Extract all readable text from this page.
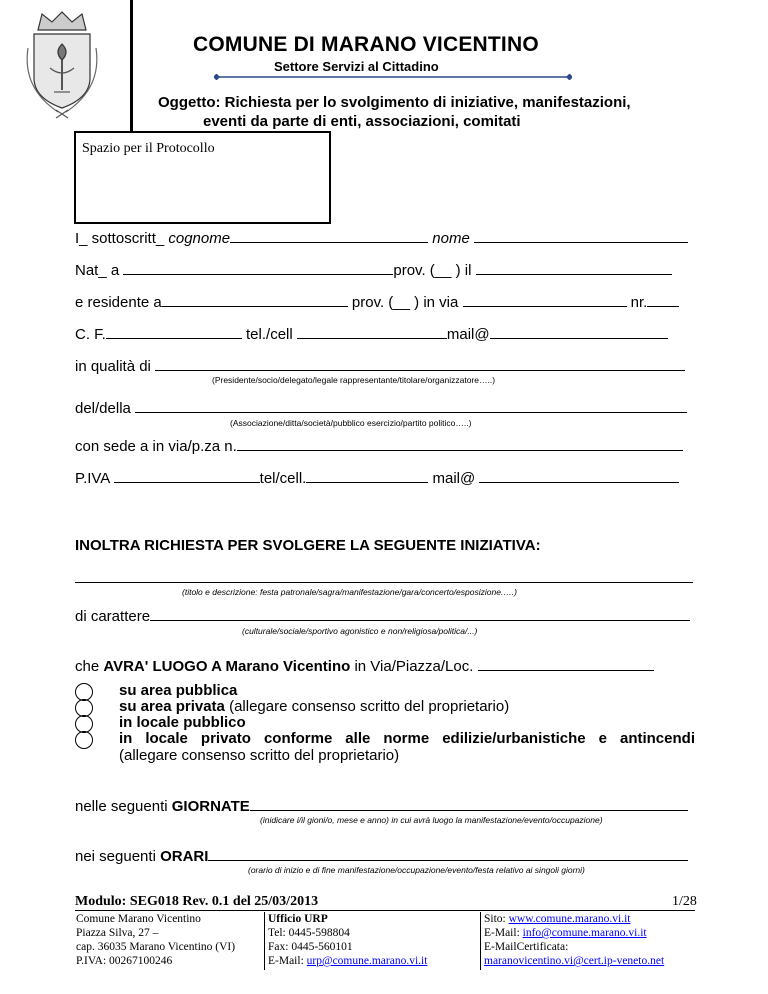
COMUNE DI MARANO VICENTINO
Settore Servizi al Cittadino
Oggetto: Richiesta per lo svolgimento di iniziative, manifestazioni,
eventi da parte di enti, associazioni, comitati
Spazio per il Protocollo
I_ sottoscritt_ cognome	nome
Nat_ a	prov. (__ ) il
e residente a	prov. (__ ) in via	nr.
C. F.	tel./cell	mail@
in qualità di
(Presidente/socio/delegato/legale rappresentante/titolare/organizzatore…..)
del/della
(Associazione/ditta/società/pubblico esercizio/partito politico…..)
con sede a in via/p.za n.
P.IVA	tel/cell.	mail@
INOLTRA RICHIESTA PER SVOLGERE LA SEGUENTE INIZIATIVA:
(titolo e descrizione: festa patronale/sagra/manifestazione/gara/concerto/esposizione.….)
di carattere
(culturale/sociale/sportivo agonistico e non/religiosa/politica/...)
che AVRA' LUOGO A Marano Vicentino in Via/Piazza/Loc.
su area pubblica
su area privata (allegare consenso scritto del proprietario)
in locale pubblico
in locale privato conforme alle norme edilizie/urbanistiche e antincendi
(allegare consenso scritto del proprietario)
nelle seguenti GIORNATE
(inidicare i/il gioni/o, mese e anno) in cui avrà luogo la manifestazione/evento/occupazione)
nei seguenti ORARI
(orario di inizio e di fine manifestazione/occupazione/evento/festa relativo ai singoli giorni)
Modulo: SEG018 Rev. 0.1 del 25/03/2013	1/28
Comune Marano Vicentino
Piazza Silva, 27 –
cap. 36035 Marano Vicentino (VI)
P.IVA: 00267100246
Ufficio URP
Tel: 0445-598804
Fax: 0445-560101
E-Mail: urp@comune.marano.vi.it
Sito: www.comune.marano.vi.it
E-Mail: info@comune.marano.vi.it
E-MailCertificata:
maranovicentino.vi@cert.ip-veneto.net
